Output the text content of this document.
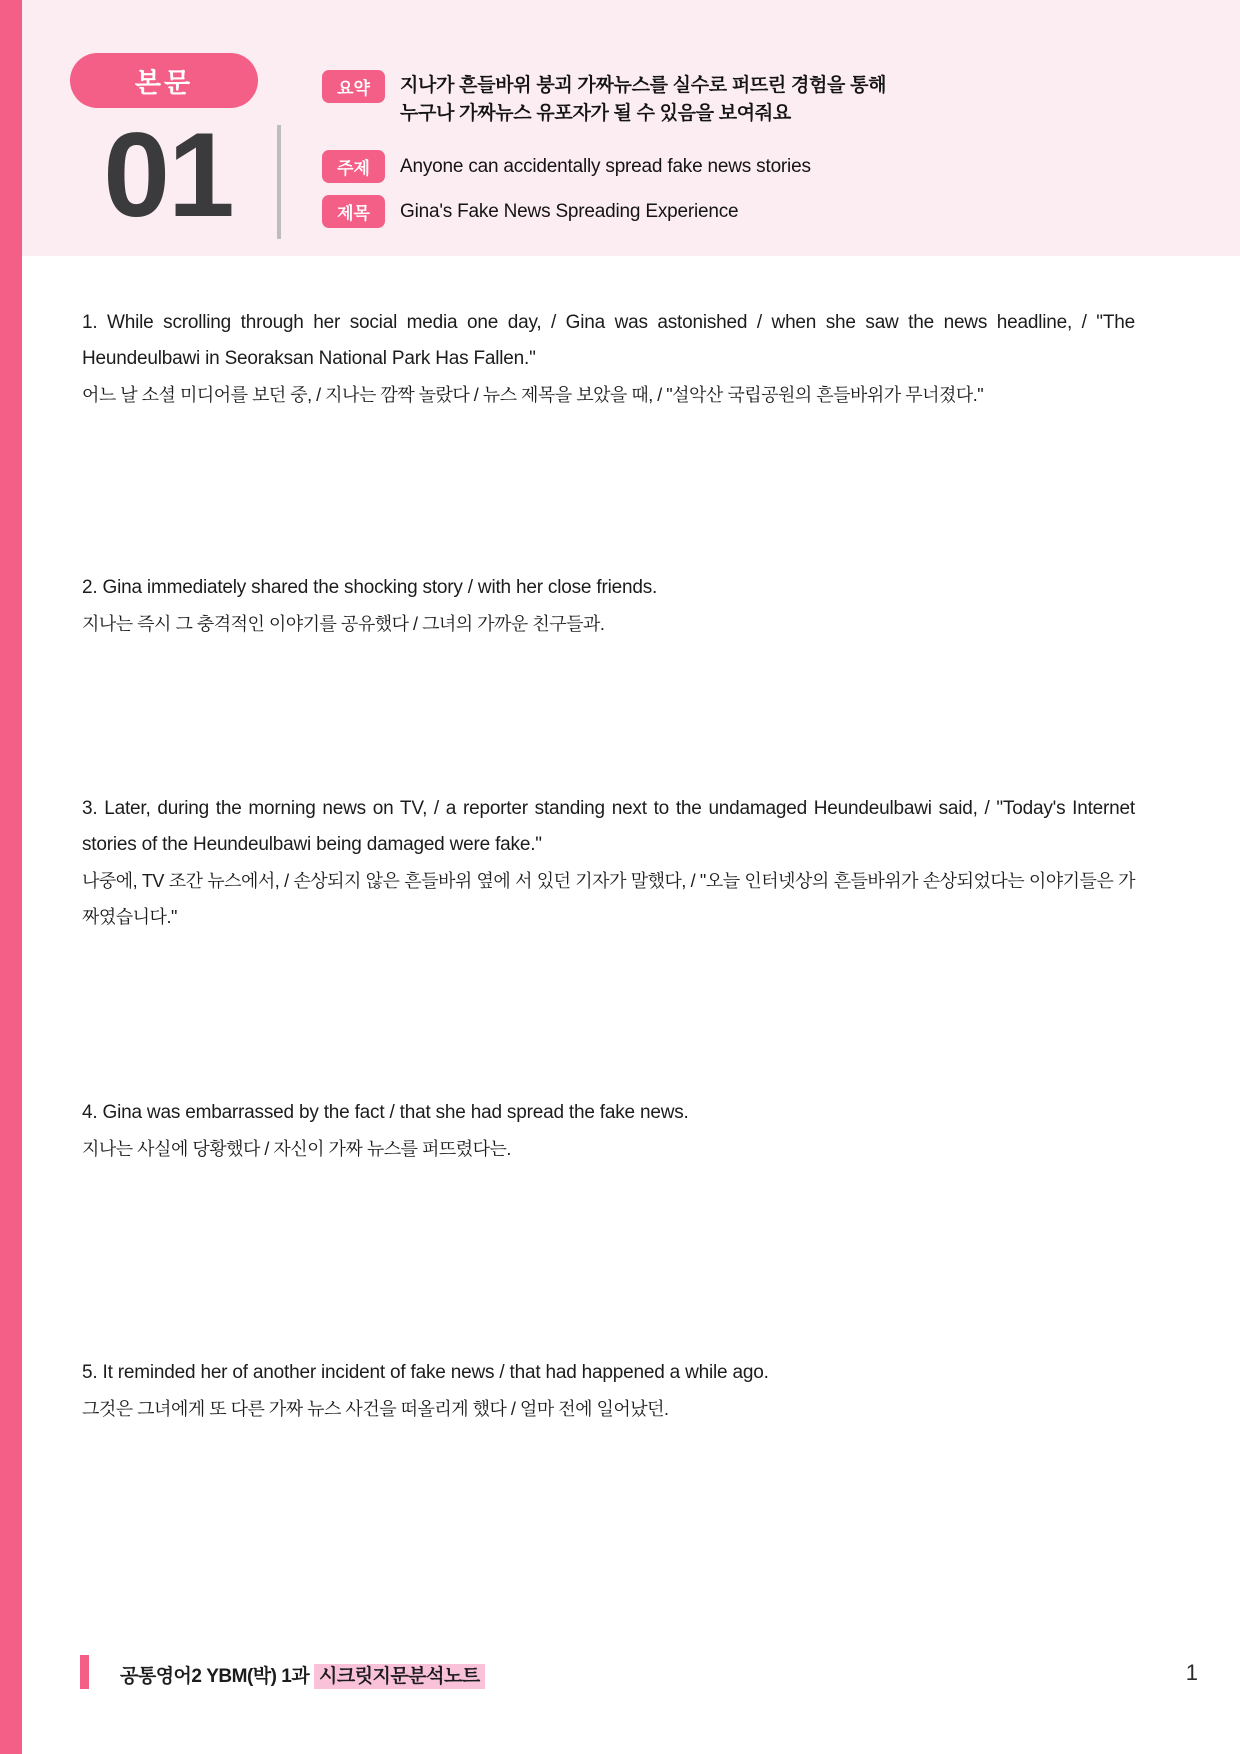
본문
01
요약	지나가 흔들바위 붕괴 가짜뉴스를 실수로 퍼뜨린 경험을 통해
누구나 가짜뉴스 유포자가 될 수 있음을 보여줘요
주제	Anyone can accidentally spread fake news stories
제목	Gina's Fake News Spreading Experience

1. While scrolling through her social media one day, / Gina was astonished / when she saw the news headline, / "The Heundeulbawi in Seoraksan National Park Has Fallen."

어느 날 소셜 미디어를 보던 중, / 지나는 깜짝 놀랐다 / 뉴스 제목을 보았을 때, / "설악산 국립공원의 흔들바위가 무너졌다."

2. Gina immediately shared the shocking story / with her close friends.

지나는 즉시 그 충격적인 이야기를 공유했다 / 그녀의 가까운 친구들과.

3. Later, during the morning news on TV, / a reporter standing next to the undamaged Heundeulbawi said, / "Today's Internet stories of the Heundeulbawi being damaged were fake."

나중에, TV 조간 뉴스에서, / 손상되지 않은 흔들바위 옆에 서 있던 기자가 말했다, / "오늘 인터넷상의 흔들바위가 손상되었다는 이야기들은 가짜였습니다."

4. Gina was embarrassed by the fact / that she had spread the fake news.

지나는 사실에 당황했다 / 자신이 가짜 뉴스를 퍼뜨렸다는.

5. It reminded her of another incident of fake news / that had happened a while ago.

그것은 그녀에게 또 다른 가짜 뉴스 사건을 떠올리게 했다 / 얼마 전에 일어났던.

공통영어2 YBM(박) 1과 시크릿지문분석노트	1
